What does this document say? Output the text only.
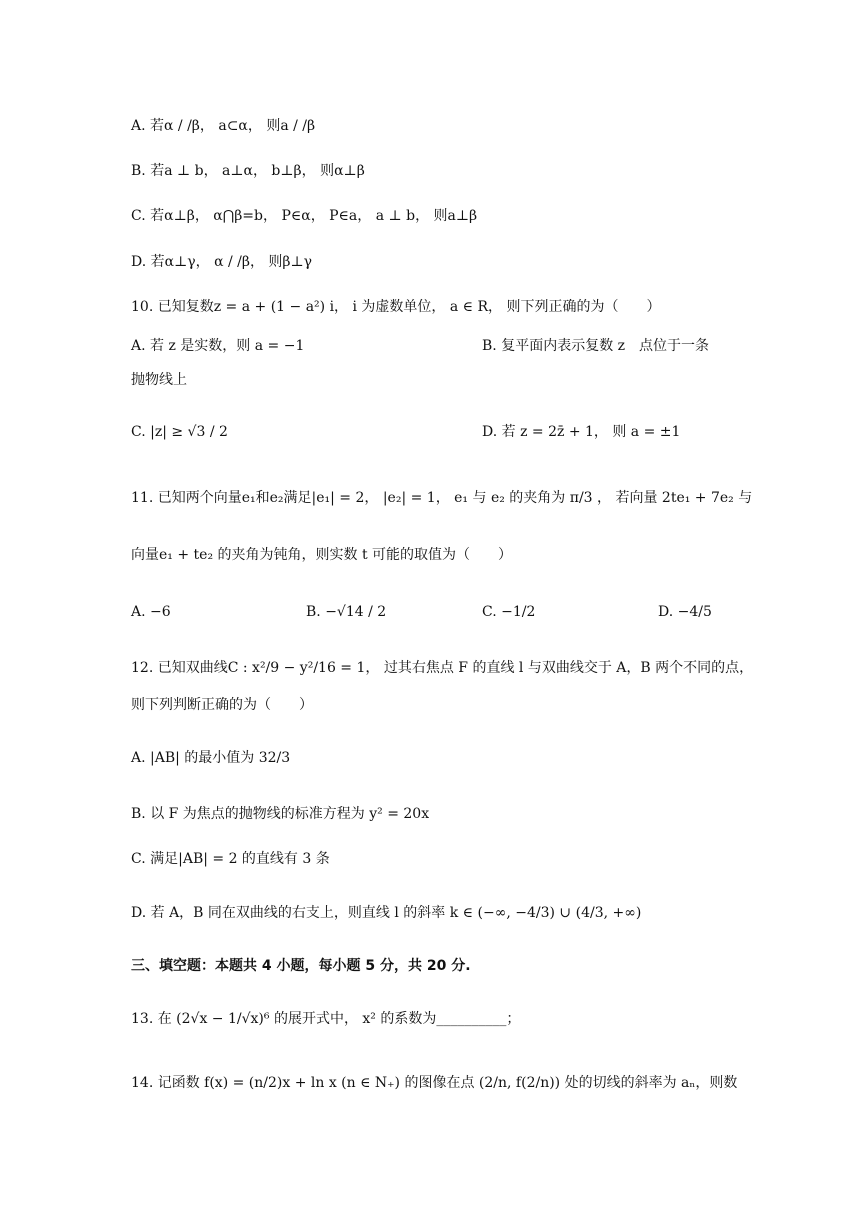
A. 若α / /β， a⊂α， 则a / /β
B. 若a ⊥ b， a⊥α， b⊥β， 则α⊥β
C. 若α⊥β， α⋂β=b， P∈α， P∈a， a ⊥ b， 则a⊥β
D. 若α⊥γ， α / /β， 则β⊥γ
10. 已知复数z = a + (1 − a²) i， i 为虚数单位， a ∈ R， 则下列正确的为（　　）
A. 若 z 是实数，则 a = −1	B. 复平面内表示复数 z　点位于一条
抛物线上
C. |z| ≥ √3 / 2	D. 若 z = 2z̄ + 1， 则 a = ±1
11. 已知两个向量e₁和e₂满足|e₁| = 2， |e₂| = 1， e₁ 与 e₂ 的夹角为 π/3 ， 若向量 2te₁ + 7e₂ 与
向量e₁ + te₂ 的夹角为钝角，则实数 t 可能的取值为（　　）
A. −6	B. −√14 / 2	C. −1/2	D. −4/5
12. 已知双曲线C : x²/9 − y²/16 = 1， 过其右焦点 F 的直线 l 与双曲线交于 A，B 两个不同的点，
则下列判断正确的为（　　）
A. |AB| 的最小值为 32/3
B. 以 F 为焦点的抛物线的标准方程为 y² = 20x
C. 满足|AB| = 2 的直线有 3 条
D. 若 A，B 同在双曲线的右支上，则直线 l 的斜率 k ∈ (−∞, −4/3) ∪ (4/3, +∞)
三、填空题：本题共 4 小题，每小题 5 分，共 20 分.
13. 在 (2√x − 1/√x)⁶ 的展开式中， x² 的系数为__________；
14. 记函数 f(x) = (n/2)x + ln x (n ∈ N₊) 的图像在点 (2/n, f(2/n)) 处的切线的斜率为 aₙ，则数
